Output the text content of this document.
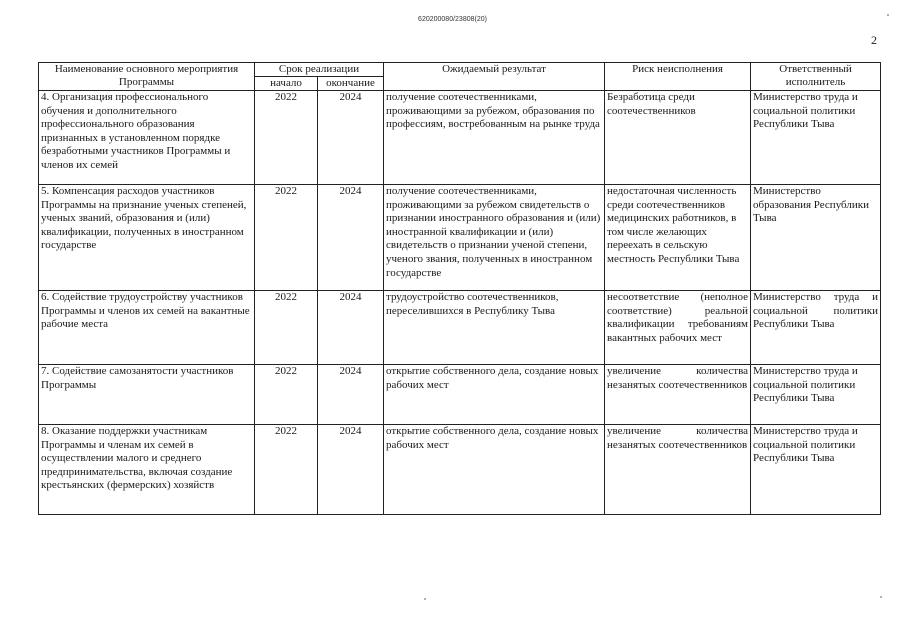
620200080/23808(20)
2
Наименование основного мероприятия Программы	Срок реализации		Ожидаемый результат	Риск неисполнения	Ответственный исполнитель
	начало	окончание			
4. Организация профессионального обучения и дополнительного профессионального образования признанных в установленном порядке безработными участников Программы и членов их семей	2022	2024	получение соотечественниками, проживающими за рубежом, образования по профессиям, востребованным на рынке труда	Безработица среди соотечественников	Министерство труда и социальной политики Республики Тыва
5. Компенсация расходов участников Программы на признание ученых степеней, ученых званий, образования и (или) квалификации, полученных в иностранном государстве	2022	2024	получение соотечественниками, проживающими за рубежом свидетельств о признании иностранного образования и (или) иностранной квалификации и (или) свидетельств о признании ученой степени, ученого звания, полученных в иностранном государстве	недостаточная численность среди соотечественников медицинских работников, в том числе желающих переехать в сельскую местность Республики Тыва	Министерство образования Республики Тыва
6. Содействие трудоустройству участников Программы и членов их семей на вакантные рабочие места	2022	2024	трудоустройство соотечественников, переселившихся в Республику Тыва	несоответствие (неполное соответствие) реальной квалификации требованиям вакантных рабочих мест	Министерство труда и социальной политики Республики Тыва
7. Содействие самозанятости участников Программы	2022	2024	открытие собственного дела, создание новых рабочих мест	увеличение количества незанятых соотечественников	Министерство труда и социальной политики Республики Тыва
8. Оказание поддержки участникам Программы и членам их семей в осуществлении малого и среднего предпринимательства, включая создание крестьянских (фермерских) хозяйств	2022	2024	открытие собственного дела, создание новых рабочих мест	увеличение количества незанятых соотечественников	Министерство труда и социальной политики Республики Тыва
